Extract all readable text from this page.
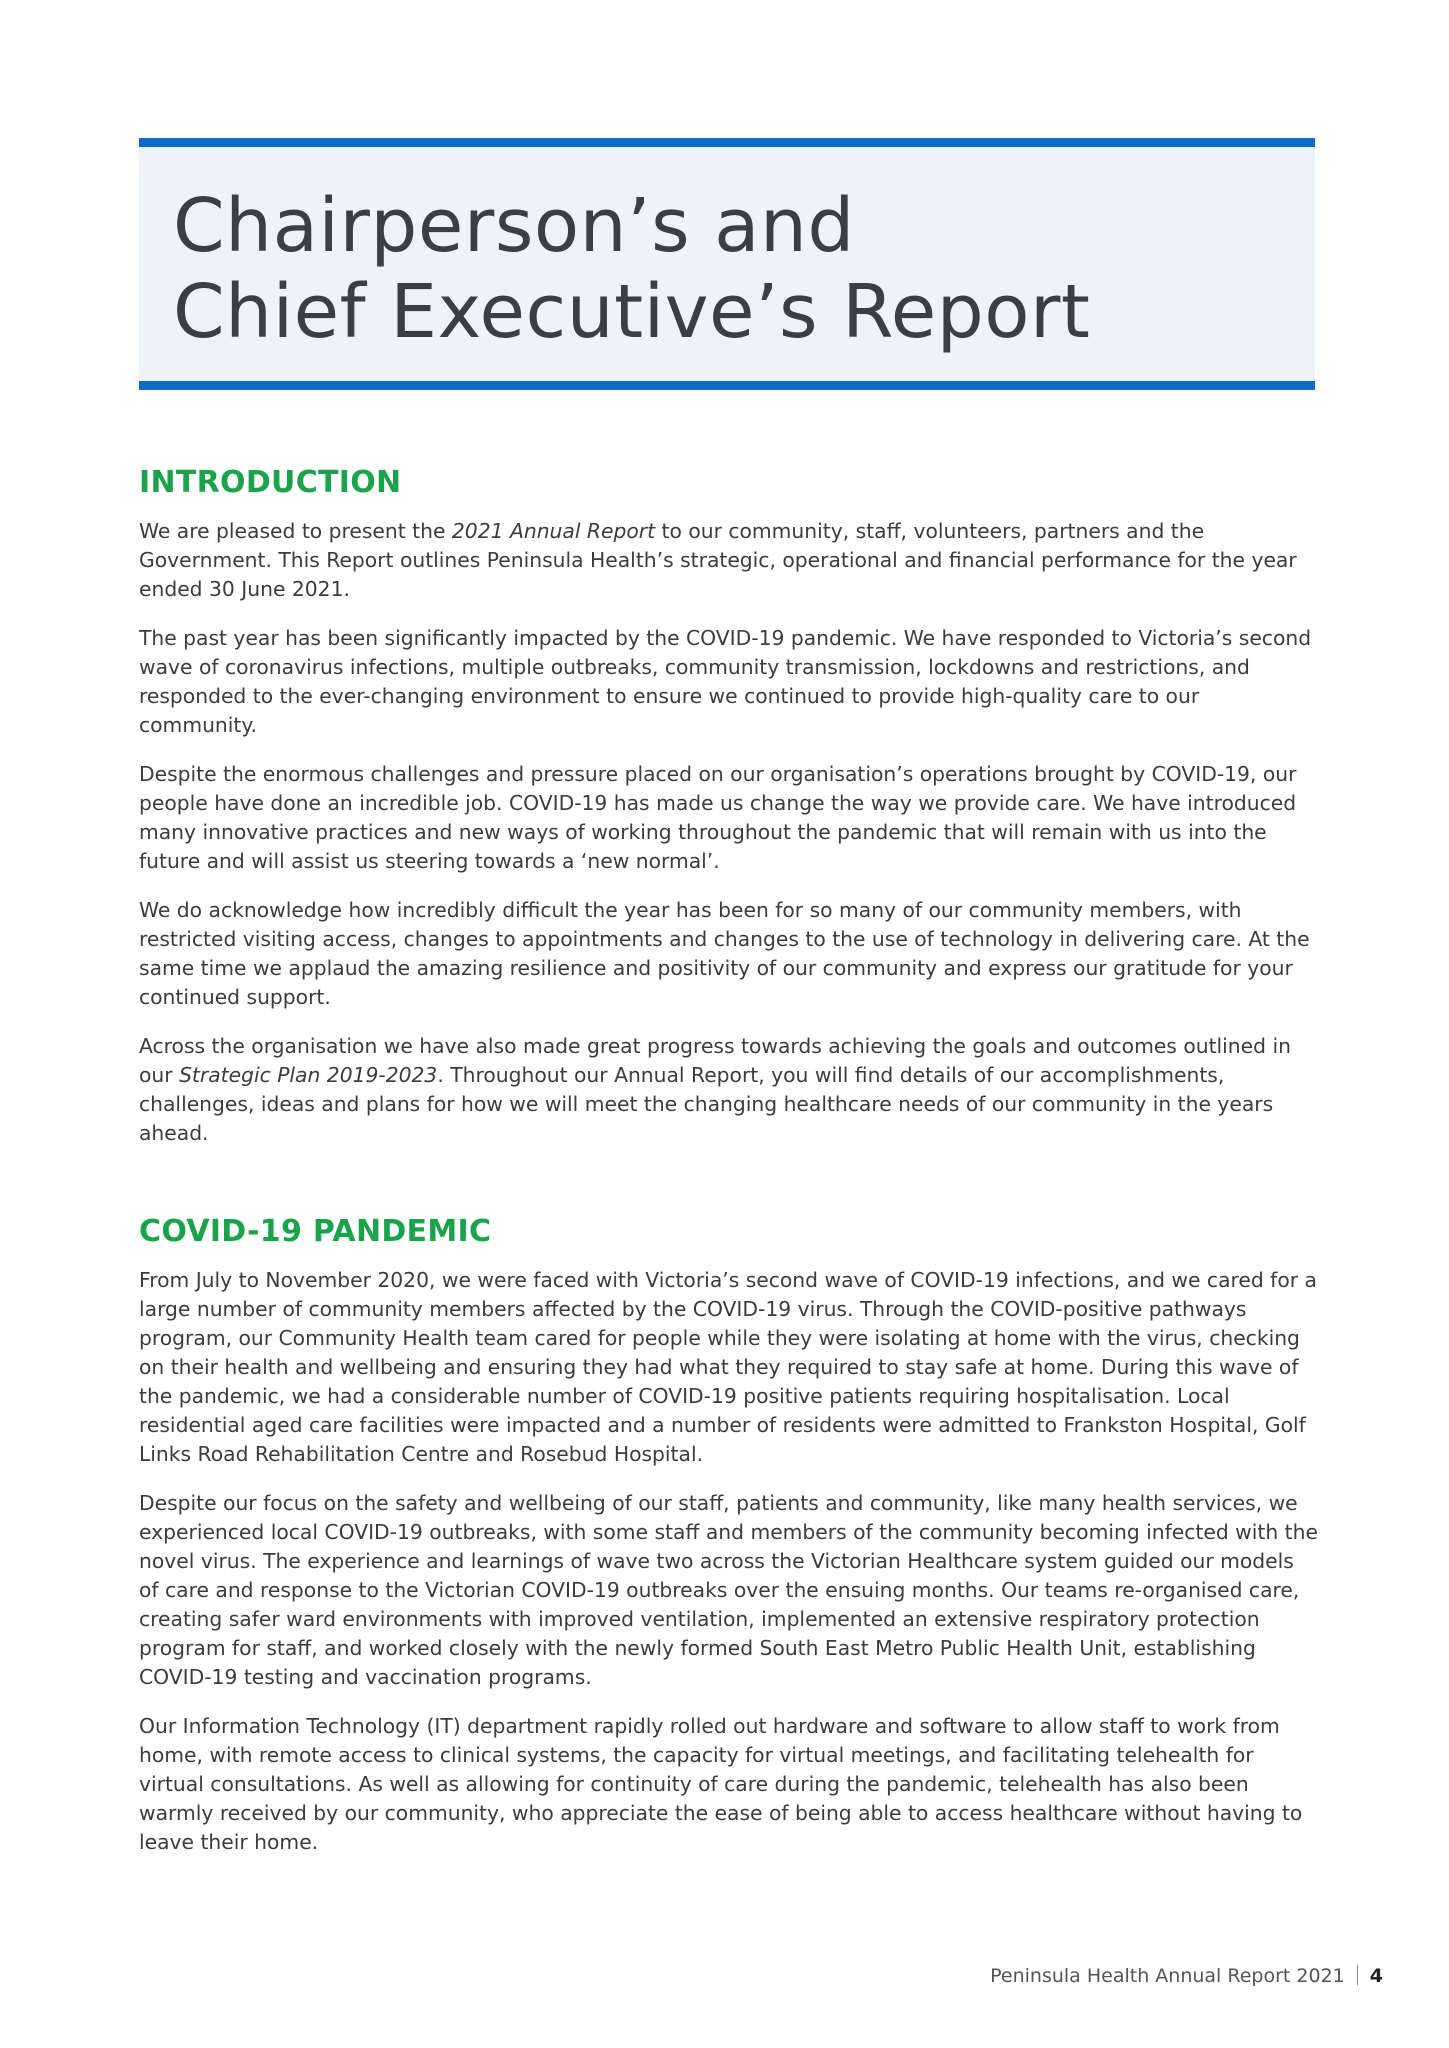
Chairperson’s and
Chief Executive’s Report
INTRODUCTION

We are pleased to present the 2021 Annual Report to our community, staff, volunteers, partners and the Government. This Report outlines Peninsula Health’s strategic, operational and financial performance for the year ended 30 June 2021.

The past year has been significantly impacted by the COVID-19 pandemic. We have responded to Victoria’s second wave of coronavirus infections, multiple outbreaks, community transmission, lockdowns and restrictions, and responded to the ever-changing environment to ensure we continued to provide high-quality care to our community.

Despite the enormous challenges and pressure placed on our organisation’s operations brought by COVID-19, our people have done an incredible job. COVID-19 has made us change the way we provide care. We have introduced many innovative practices and new ways of working throughout the pandemic that will remain with us into the future and will assist us steering towards a ‘new normal’.

We do acknowledge how incredibly difficult the year has been for so many of our community members, with restricted visiting access, changes to appointments and changes to the use of technology in delivering care. At the same time we applaud the amazing resilience and positivity of our community and express our gratitude for your continued support.

Across the organisation we have also made great progress towards achieving the goals and outcomes outlined in our Strategic Plan 2019-2023. Throughout our Annual Report, you will find details of our accomplishments, challenges, ideas and plans for how we will meet the changing healthcare needs of our community in the years ahead.

COVID-19 PANDEMIC

From July to November 2020, we were faced with Victoria’s second wave of COVID-19 infections, and we cared for a large number of community members affected by the COVID-19 virus. Through the COVID-positive pathways program, our Community Health team cared for people while they were isolating at home with the virus, checking on their health and wellbeing and ensuring they had what they required to stay safe at home. During this wave of the pandemic, we had a considerable number of COVID-19 positive patients requiring hospitalisation. Local residential aged care facilities were impacted and a number of residents were admitted to Frankston Hospital, Golf Links Road Rehabilitation Centre and Rosebud Hospital.

Despite our focus on the safety and wellbeing of our staff, patients and community, like many health services, we experienced local COVID-19 outbreaks, with some staff and members of the community becoming infected with the novel virus. The experience and learnings of wave two across the Victorian Healthcare system guided our models of care and response to the Victorian COVID-19 outbreaks over the ensuing months. Our teams re-organised care, creating safer ward environments with improved ventilation, implemented an extensive respiratory protection program for staff, and worked closely with the newly formed South East Metro Public Health Unit, establishing COVID-19 testing and vaccination programs.

Our Information Technology (IT) department rapidly rolled out hardware and software to allow staff to work from home, with remote access to clinical systems, the capacity for virtual meetings, and facilitating telehealth for virtual consultations. As well as allowing for continuity of care during the pandemic, telehealth has also been warmly received by our community, who appreciate the ease of being able to access healthcare without having to leave their home.

Peninsula Health Annual Report 2021 4
